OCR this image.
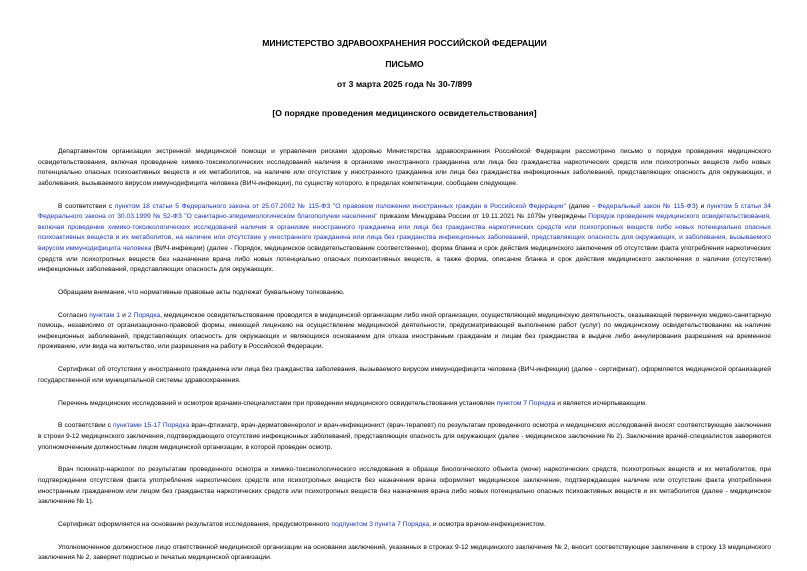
МИНИСТЕРСТВО ЗДРАВООХРАНЕНИЯ РОССИЙСКОЙ ФЕДЕРАЦИИ
ПИСЬМО
от 3 марта 2025 года № 30-7/899
[О порядке проведения медицинского освидетельствования]

Департаментом организации экстренной медицинской помощи и управления рисками здоровью Министерства здравоохранения Российской Федерации рассмотрено письмо о порядке проведения медицинского освидетельствования, включая проведение химико-токсикологических исследований наличия в организме иностранного гражданина или лица без гражданства наркотических средств или психотропных веществ либо новых потенциально опасных психоактивных веществ и их метаболитов, на наличие или отсутствие у иностранного гражданина или лица без гражданства инфекционных заболеваний, представляющих опасность для окружающих, и заболевания, вызываемого вирусом иммунодефицита человека (ВИЧ-инфекции), по существу которого, в пределах компетенции, сообщаем следующее.

В соответствии с пунктом 18 статьи 5 Федерального закона от 25.07.2002 № 115-ФЗ "О правовом положении иностранных граждан в Российской Федерации" (далее - Федеральный закон № 115-ФЗ) и пунктом 5 статьи 34 Федерального закона от 30.03.1999 № 52-ФЗ "О санитарно-эпидемиологическом благополучии населения" приказом Минздрава России от 19.11.2021 № 1079н утверждены Порядок проведения медицинского освидетельствования, включая проведение химико-токсикологических исследований наличия в организме иностранного гражданина или лица без гражданства наркотических средств или психотропных веществ либо новых потенциально опасных психоактивных веществ и их метаболитов, на наличие или отсутствие у иностранного гражданина или лица без гражданства инфекционных заболеваний, представляющих опасность для окружающих, и заболевания, вызываемого вирусом иммунодефицита человека (ВИЧ-инфекции) (далее - Порядок, медицинское освидетельствование соответственно), форма бланка и срок действия медицинского заключения об отсутствии факта употребления наркотических средств или психотропных веществ без назначения врача либо новых потенциально опасных психоактивных веществ, а также форма, описание бланка и срок действия медицинского заключения о наличии (отсутствии) инфекционных заболеваний, представляющих опасность для окружающих.

Обращаем внимание, что нормативные правовые акты подлежат буквальному толкованию.

Согласно пунктам 1 и 2 Порядка, медицинское освидетельствование проводится в медицинской организации либо иной организации, осуществляющей медицинскую деятельность, оказывающей первичную медико-санитарную помощь, независимо от организационно-правовой формы, имеющей лицензию на осуществление медицинской деятельности, предусматривающей выполнение работ (услуг) по медицинскому освидетельствованию на наличие инфекционных заболеваний, представляющих опасность для окружающих и являющихся основанием для отказа иностранным гражданам и лицам без гражданства в выдаче либо аннулирования разрешения на временное проживание, или вида на жительство, или разрешения на работу в Российской Федерации.

Сертификат об отсутствии у иностранного гражданина или лица без гражданства заболевания, вызываемого вирусом иммунодефицита человека (ВИЧ-инфекции) (далее - сертификат), оформляется медицинской организацией государственной или муниципальной системы здравоохранения.

Перечень медицинских исследований и осмотров врачами-специалистами при проведении медицинского освидетельствования установлен пунктом 7 Порядка и является исчерпывающим.

В соответствии с пунктами 15-17 Порядка врач-фтизиатр, врач-дерматовенеролог и врач-инфекционист (врач-терапевт) по результатам проведенного осмотра и медицинских исследований вносят соответствующие заключения в строки 9-12 медицинского заключения, подтверждающего отсутствие инфекционных заболеваний, представляющих опасность для окружающих (далее - медицинское заключение № 2). Заключения врачей-специалистов заверяются уполномоченным должностным лицом медицинской организации, в которой проведен осмотр.

Врач психиатр-нарколог по результатам проведенного осмотра и химико-токсикологического исследования в образце биологического объекта (моче) наркотических средств, психотропных веществ и их метаболитов, при подтверждении отсутствия факта употребления наркотических средств или психотропных веществ без назначения врача оформляет медицинское заключение, подтверждающее наличие или отсутствие факта употребления иностранным гражданином или лицом без гражданства наркотических средств или психотропных веществ без назначения врача либо новых потенциально опасных психоактивных веществ и их метаболитов (далее - медицинское заключение № 1).

Сертификат оформляется на основании результатов исследования, предусмотренного подпунктом 3 пункта 7 Порядка, и осмотра врачом-инфекционистом.

Уполномоченное должностное лицо ответственной медицинской организации на основании заключений, указанных в строках 9-12 медицинского заключения № 2, вносит соответствующее заключение в строку 13 медицинского заключения № 2, заверяет подписью и печатью медицинской организации.
